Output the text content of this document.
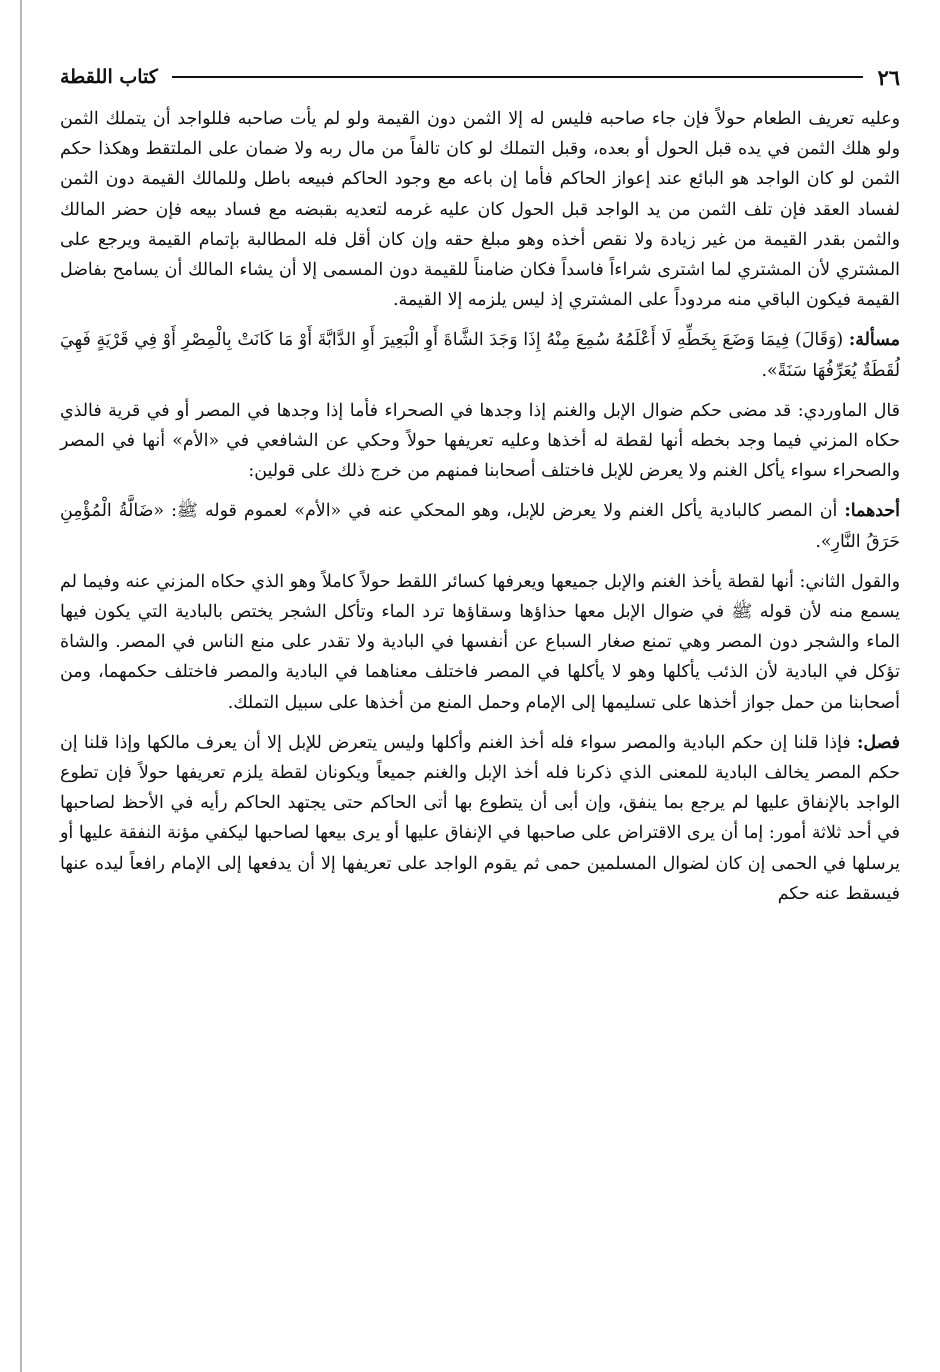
٢٦
كتاب اللقطة

وعليه تعريف الطعام حولاً فإن جاء صاحبه فليس له إلا الثمن دون القيمة ولو لم يأت صاحبه فللواجد أن يتملك الثمن ولو هلك الثمن في يده قبل الحول أو بعده، وقبل التملك لو كان تالفاً من مال ربه ولا ضمان على الملتقط وهكذا حكم الثمن لو كان الواجد هو البائع عند إعواز الحاكم فأما إن باعه مع وجود الحاكم فبيعه باطل وللمالك القيمة دون الثمن لفساد العقد فإن تلف الثمن من يد الواجد قبل الحول كان عليه غرمه لتعديه بقبضه مع فساد بيعه فإن حضر المالك والثمن بقدر القيمة من غير زيادة ولا نقص أخذه وهو مبلغ حقه وإن كان أقل فله المطالبة بإتمام القيمة ويرجع على المشتري لأن المشتري لما اشترى شراءاً فاسداً فكان ضامناً للقيمة دون المسمى إلا أن يشاء المالك أن يسامح بفاضل القيمة فيكون الباقي منه مردوداً على المشتري إذ ليس يلزمه إلا القيمة.

مسألة: (وَقَالَ) فِيمَا وَضَعَ بِخَطِّهِ لَا أَعْلَمُهُ سُمِعَ مِنْهُ إِذَا وَجَدَ الشَّاةَ أَوِ الْبَعِيرَ أَوِ الدَّابَّةَ أَوْ مَا كَانَتْ بِالْمِصْرِ أَوْ فِي قَرْيَةٍ فَهِيَ لُقَطَةٌ يُعَرِّفُهَا سَنَةً».

قال الماوردي: قد مضى حكم ضوال الإبل والغنم إذا وجدها في الصحراء فأما إذا وجدها في المصر أو في قرية فالذي حكاه المزني فيما وجد بخطه أنها لقطة له أخذها وعليه تعريفها حولاً وحكي عن الشافعي في «الأم» أنها في المصر والصحراء سواء يأكل الغنم ولا يعرض للإبل فاختلف أصحابنا فمنهم من خرج ذلك على قولين:

أحدهما: أن المصر كالبادية يأكل الغنم ولا يعرض للإبل، وهو المحكي عنه في «الأم» لعموم قوله ﷺ: «ضَالَّةُ الْمُؤْمِنِ حَرَقُ النَّارِ».

والقول الثاني: أنها لقطة يأخذ الغنم والإبل جميعها ويعرفها كسائر اللقط حولاً كاملاً وهو الذي حكاه المزني عنه وفيما لم يسمع منه لأن قوله ﷺ في ضوال الإبل معها حذاؤها وسقاؤها ترد الماء وتأكل الشجر يختص بالبادية التي يكون فيها الماء والشجر دون المصر وهي تمنع صغار السباع عن أنفسها في البادية ولا تقدر على منع الناس في المصر. والشاة تؤكل في البادية لأن الذئب يأكلها وهو لا يأكلها في المصر فاختلف معناهما في البادية والمصر فاختلف حكمهما، ومن أصحابنا من حمل جواز أخذها على تسليمها إلى الإمام وحمل المنع من أخذها على سبيل التملك.

فصل: فإذا قلنا إن حكم البادية والمصر سواء فله أخذ الغنم وأكلها وليس يتعرض للإبل إلا أن يعرف مالكها وإذا قلنا إن حكم المصر يخالف البادية للمعنى الذي ذكرنا فله أخذ الإبل والغنم جميعاً ويكونان لقطة يلزم تعريفها حولاً فإن تطوع الواجد بالإنفاق عليها لم يرجع بما ينفق، وإن أبى أن يتطوع بها أتى الحاكم حتى يجتهد الحاكم رأيه في الأحظ لصاحبها في أحد ثلاثة أمور: إما أن يرى الاقتراض على صاحبها في الإنفاق عليها أو يرى بيعها لصاحبها ليكفي مؤنة النفقة عليها أو يرسلها في الحمى إن كان لضوال المسلمين حمى ثم يقوم الواجد على تعريفها إلا أن يدفعها إلى الإمام رافعاً ليده عنها فيسقط عنه حكم
